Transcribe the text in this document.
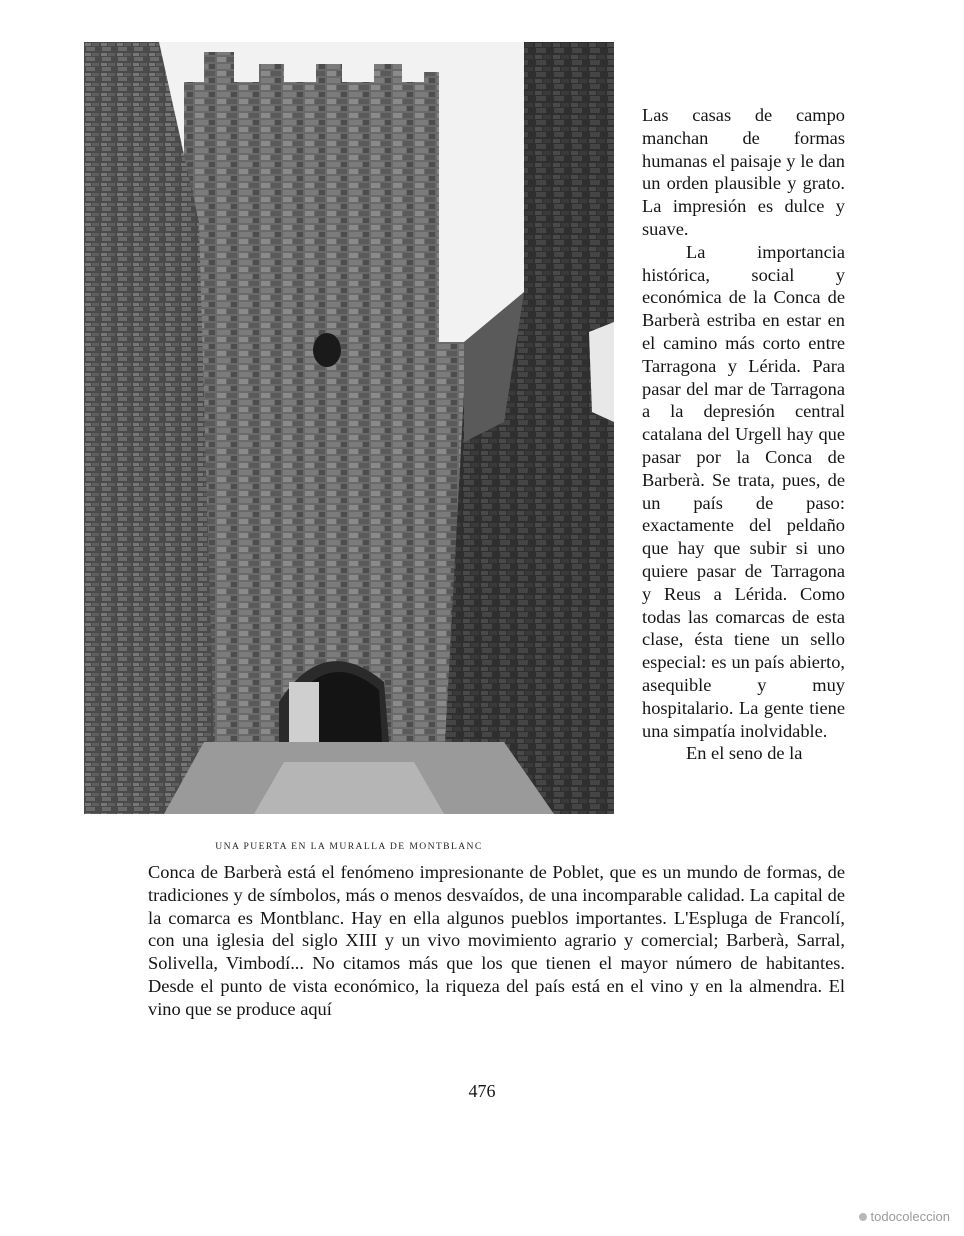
UNA PUERTA EN LA MURALLA DE MONTBLANC

Las casas de campo manchan de formas humanas el paisaje y le dan un orden plausible y grato. La impresión es dulce y suave.

La importancia histórica, social y económica de la Conca de Barberà estriba en estar en el camino más corto entre Tarragona y Lérida. Para pasar del mar de Tarragona a la depresión central catalana del Urgell hay que pasar por la Conca de Barberà. Se trata, pues, de un país de paso: exactamente del peldaño que hay que subir si uno quiere pasar de Tarragona y Reus a Lérida. Como todas las comarcas de esta clase, ésta tiene un sello especial: es un país abierto, asequible y muy hospitalario. La gente tiene una simpatía inolvidable.

En el seno de la

Conca de Barberà está el fenómeno impresionante de Poblet, que es un mundo de formas, de tradiciones y de símbolos, más o menos desvaídos, de una incomparable calidad. La capital de la comarca es Montblanc. Hay en ella algunos pueblos importantes. L'Espluga de Francolí, con una iglesia del siglo XIII y un vivo movimiento agrario y comercial; Barberà, Sarral, Solivella, Vimbodí... No citamos más que los que tienen el mayor número de habitantes. Desde el punto de vista económico, la riqueza del país está en el vino y en la almendra. El vino que se produce aquí

476
todocoleccion
